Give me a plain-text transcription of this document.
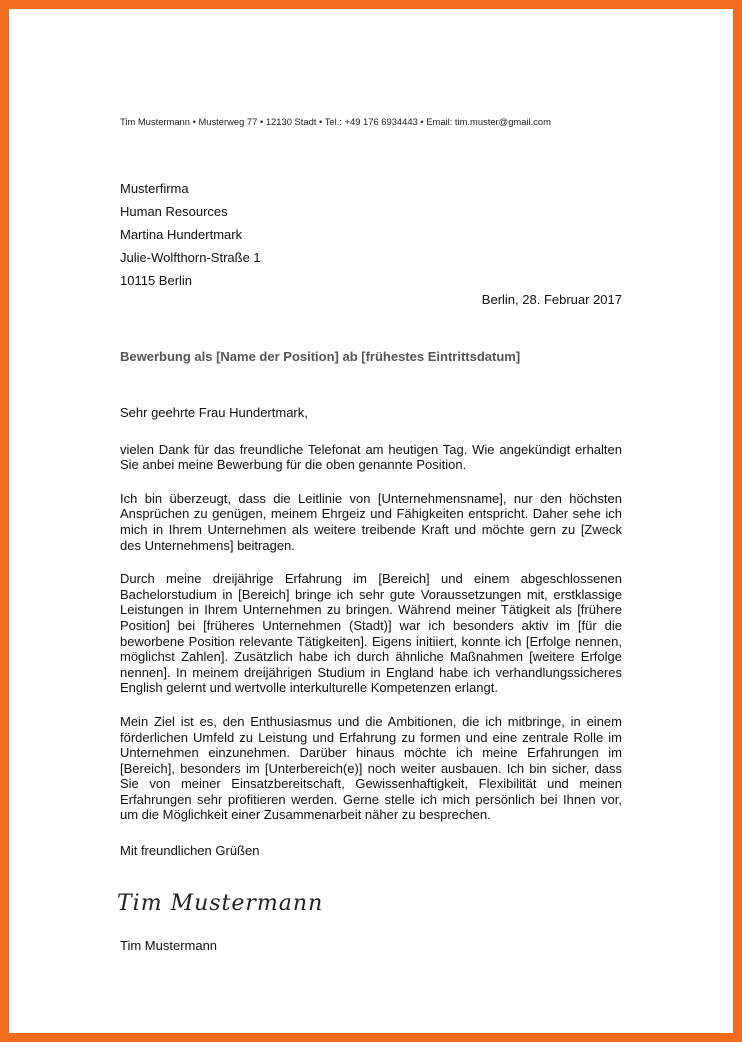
Tim Mustermann • Musterweg 77 • 12130 Stadt • Tel.: +49 176 6934443 • Email: tim.muster@gmail.com
Musterfirma
Human Resources
Martina Hundertmark
Julie-Wolfthorn-Straße 1
10115 Berlin
Berlin, 28. Februar 2017
Bewerbung als [Name der Position] ab [frühestes Eintrittsdatum]

Sehr geehrte Frau Hundertmark,

vielen Dank für das freundliche Telefonat am heutigen Tag. Wie angekündigt erhalten Sie anbei meine Bewerbung für die oben genannte Position.

Ich bin überzeugt, dass die Leitlinie von [Unternehmensname], nur den höchsten Ansprüchen zu genügen, meinem Ehrgeiz und Fähigkeiten entspricht. Daher sehe ich mich in Ihrem Unternehmen als weitere treibende Kraft und möchte gern zu [Zweck des Unternehmens] beitragen.

Durch meine dreijährige Erfahrung im [Bereich] und einem abgeschlossenen Bachelorstudium in [Bereich] bringe ich sehr gute Voraussetzungen mit, erstklassige Leistungen in Ihrem Unternehmen zu bringen. Während meiner Tätigkeit als [frühere Position] bei [früheres Unternehmen (Stadt)] war ich besonders aktiv im [für die beworbene Position relevante Tätigkeiten]. Eigens initiiert, konnte ich [Erfolge nennen, möglichst Zahlen]. Zusätzlich habe ich durch ähnliche Maßnahmen [weitere Erfolge nennen]. In meinem dreijährigen Studium in England habe ich verhandlungssicheres English gelernt und wertvolle interkulturelle Kompetenzen erlangt.

Mein Ziel ist es, den Enthusiasmus und die Ambitionen, die ich mitbringe, in einem förderlichen Umfeld zu Leistung und Erfahrung zu formen und eine zentrale Rolle im Unternehmen einzunehmen. Darüber hinaus möchte ich meine Erfahrungen im [Bereich], besonders im [Unterbereich(e)] noch weiter ausbauen. Ich bin sicher, dass Sie von meiner Einsatzbereitschaft, Gewissenhaftigkeit, Flexibilität und meinen Erfahrungen sehr profitieren werden. Gerne stelle ich mich persönlich bei Ihnen vor, um die Möglichkeit einer Zusammenarbeit näher zu besprechen.

Mit freundlichen Grüßen

Tim Mustermann
Tim Mustermann
